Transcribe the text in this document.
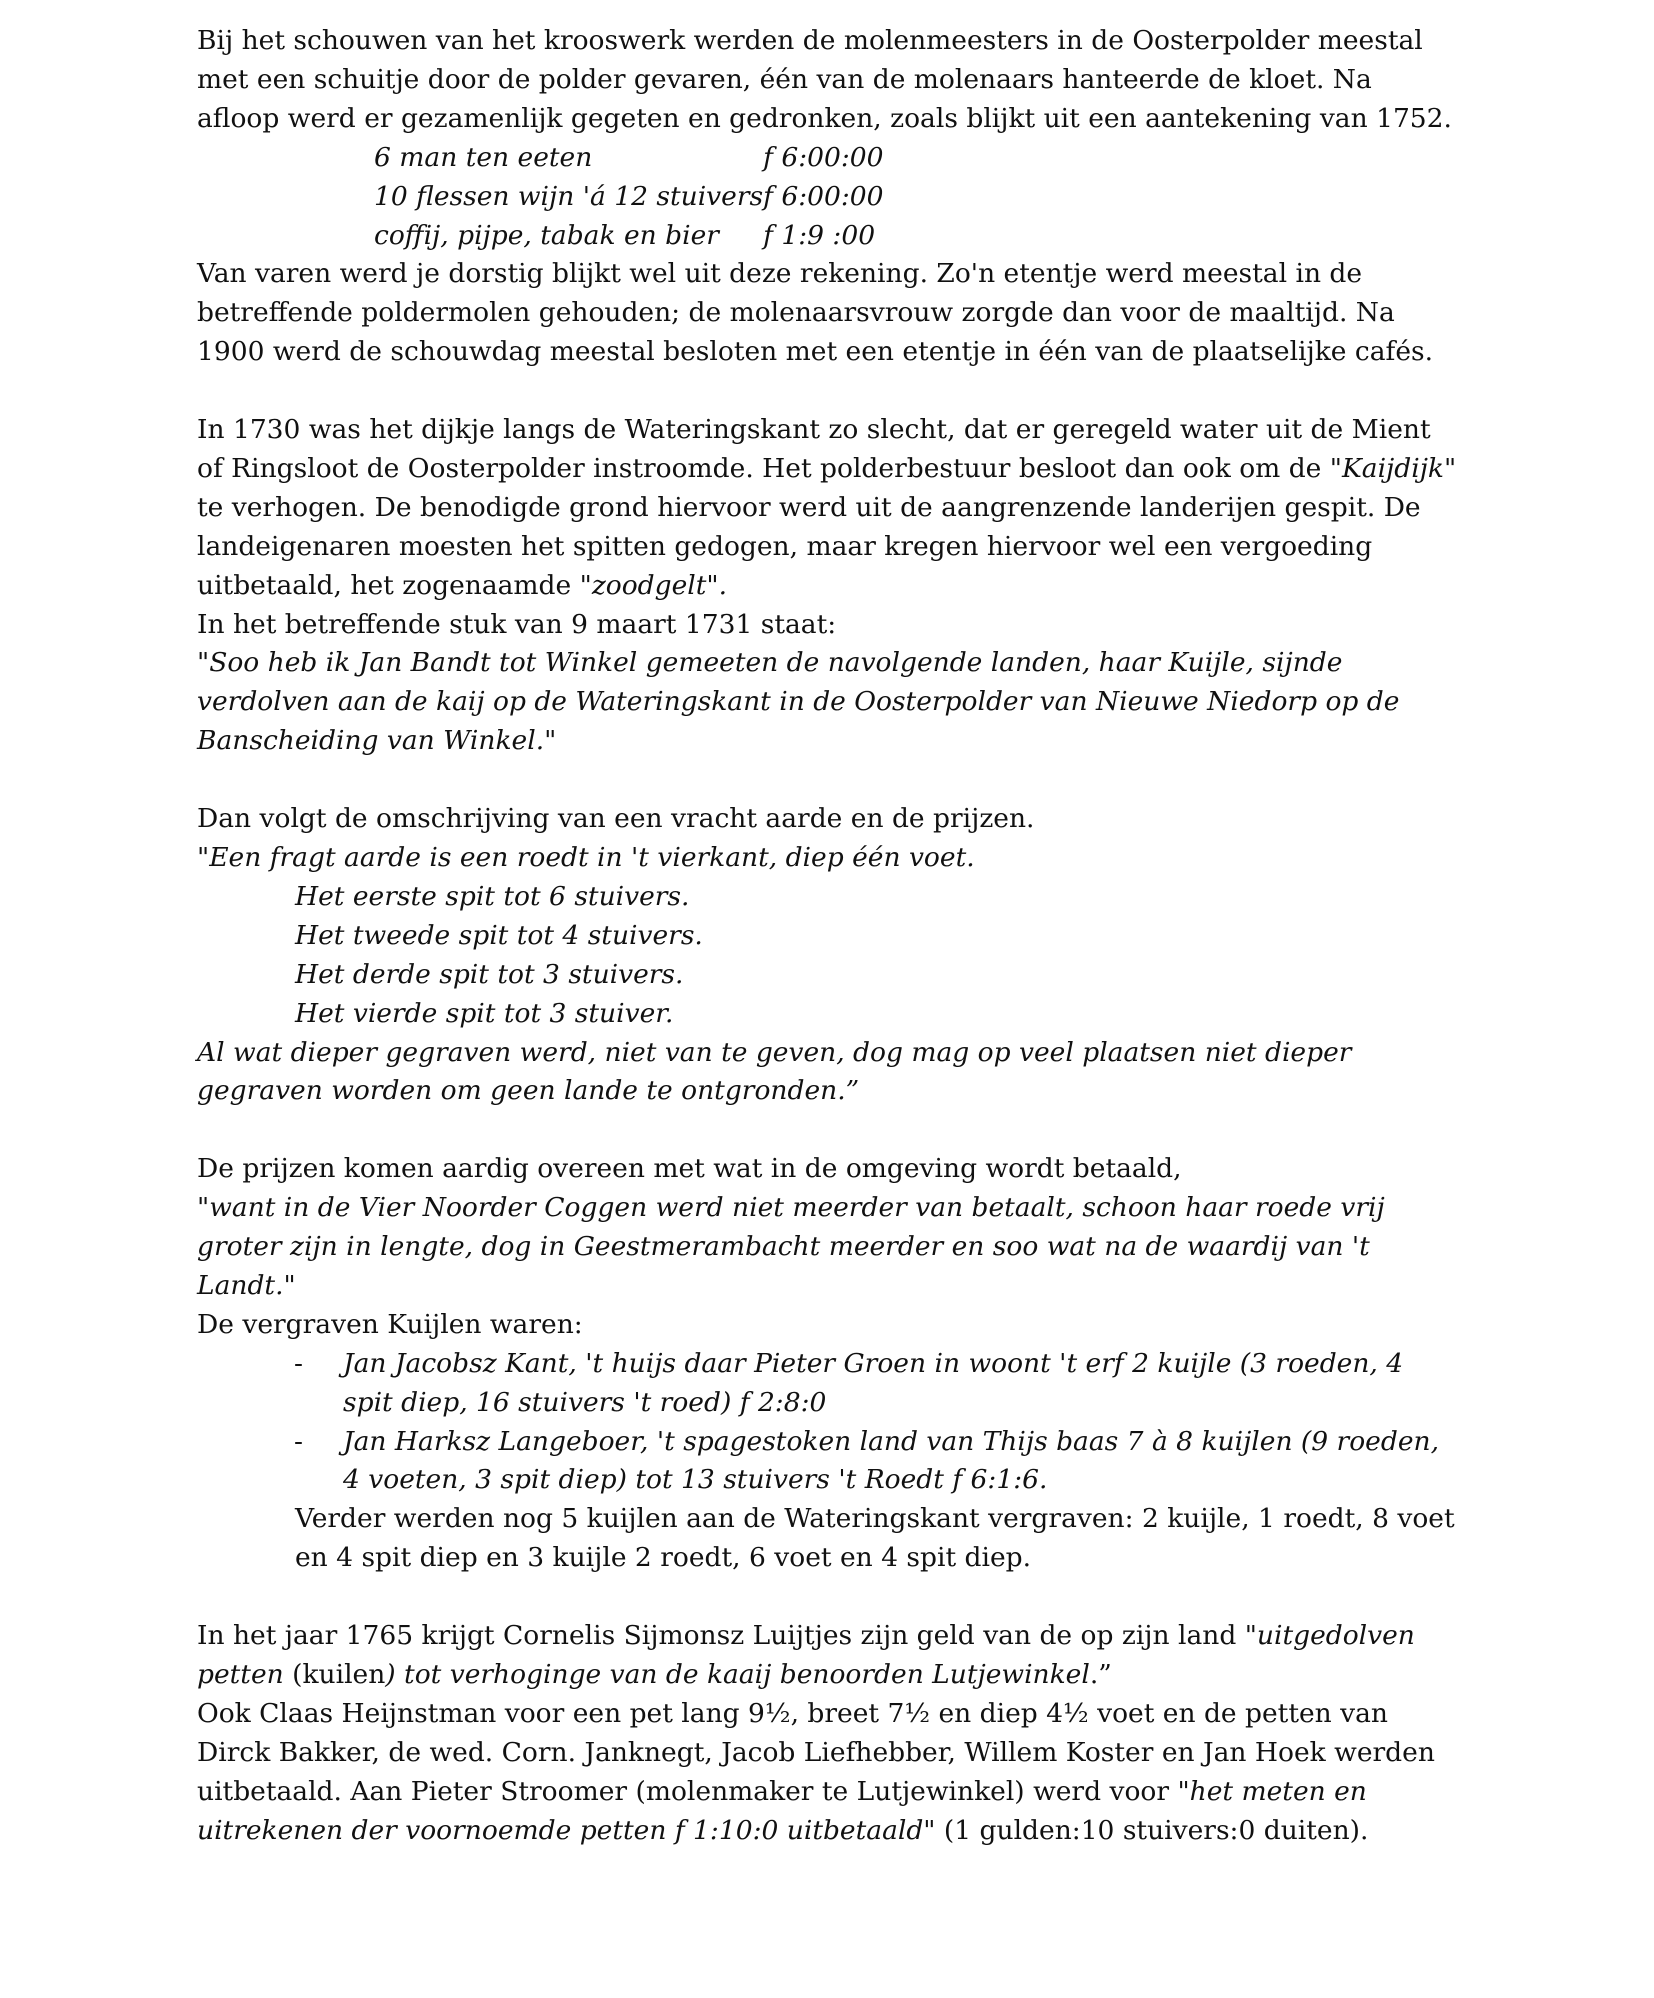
Bij het schouwen van het krooswerk werden de molenmeesters in de Oosterpolder meestal met een schuitje door de polder gevaren, één van de molenaars hanteerde de kloet. Na afloop werd er gezamenlijk gegeten en gedronken, zoals blijkt uit een aantekening van 1752.

6 man ten eeten	f 6:00:00
10 flessen wijn 'á 12 stuivers	f 6:00:00
coffij, pijpe, tabak en bier	f 1:9 :00

Van varen werd je dorstig blijkt wel uit deze rekening. Zo'n etentje werd meestal in de betreffende poldermolen gehouden; de molenaarsvrouw zorgde dan voor de maaltijd. Na 1900 werd de schouwdag meestal besloten met een etentje in één van de plaatselijke cafés.

In 1730 was het dijkje langs de Wateringskant zo slecht, dat er geregeld water uit de Mient of Ringsloot de Oosterpolder instroomde. Het polderbestuur besloot dan ook om de "Kaijdijk" te verhogen. De benodigde grond hiervoor werd uit de aangrenzende landerijen gespit. De landeigenaren moesten het spitten gedogen, maar kregen hiervoor wel een vergoeding uitbetaald, het zogenaamde "zoodgelt".

In het betreffende stuk van 9 maart 1731 staat:

"Soo heb ik Jan Bandt tot Winkel gemeeten de navolgende landen, haar Kuijle, sijnde verdolven aan de kaij op de Wateringskant in de Oosterpolder van Nieuwe Niedorp op de Banscheiding van Winkel."

Dan volgt de omschrijving van een vracht aarde en de prijzen.

"Een fragt aarde is een roedt in 't vierkant, diep één voet.

Het eerste spit tot 6 stuivers.

Het tweede spit tot 4 stuivers.

Het derde spit tot 3 stuivers.

Het vierde spit tot 3 stuiver.

Al wat dieper gegraven werd, niet van te geven, dog mag op veel plaatsen niet dieper gegraven worden om geen lande te ontgronden.”

De prijzen komen aardig overeen met wat in de omgeving wordt betaald,

"want in de Vier Noorder Coggen werd niet meerder van betaalt, schoon haar roede vrij groter zijn in lengte, dog in Geestmerambacht meerder en soo wat na de waardij van 't Landt."

De vergraven Kuijlen waren:

- Jan Jacobsz Kant, 't huijs daar Pieter Groen in woont 't erf 2 kuijle (3 roeden, 4 spit diep, 16 stuivers 't roed) f 2:8:0
- Jan Harksz Langeboer, 't spagestoken land van Thijs baas 7 à 8 kuijlen (9 roeden, 4 voeten, 3 spit diep) tot 13 stuivers 't Roedt f 6:1:6.

Verder werden nog 5 kuijlen aan de Wateringskant vergraven: 2 kuijle, 1 roedt, 8 voet en 4 spit diep en 3 kuijle 2 roedt, 6 voet en 4 spit diep.

In het jaar 1765 krijgt Cornelis Sijmonsz Luijtjes zijn geld van de op zijn land "uitgedolven petten (kuilen) tot verhoginge van de kaaij benoorden Lutjewinkel.”

Ook Claas Heijnstman voor een pet lang 9½, breet 7½ en diep 4½ voet en de petten van Dirck Bakker, de wed. Corn. Janknegt, Jacob Liefhebber, Willem Koster en Jan Hoek werden uitbetaald. Aan Pieter Stroomer (molenmaker te Lutjewinkel) werd voor "het meten en uitrekenen der voornoemde petten f 1:10:0 uitbetaald" (1 gulden:10 stuivers:0 duiten).
